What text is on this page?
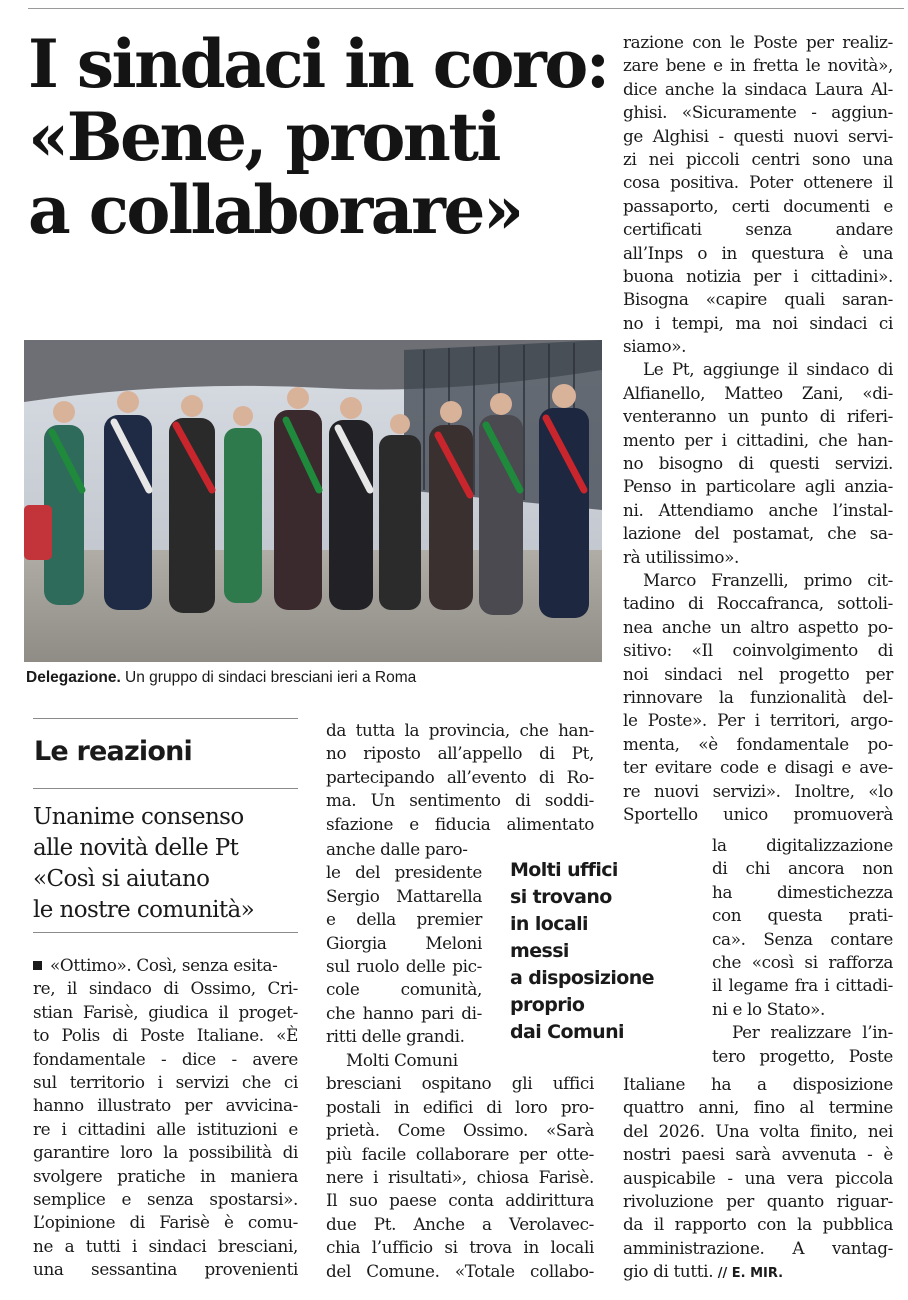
I sindaci in coro:
«Bene, pronti
a collaborare»
Delegazione. Un gruppo di sindaci bresciani ieri a Roma
Le reazioni
Unanime consenso
alle novità delle Pt
«Così si aiutano
le nostre comunità»
«Ottimo». Così, senza esita-
re, il sindaco di Ossimo, Cri-
stian Farisè, giudica il proget-
to Polis di Poste Italiane. «È
fondamentale - dice - avere
sul territorio i servizi che ci
hanno illustrato per avvicina-
re i cittadini alle istituzioni e
garantire loro la possibilità di
svolgere pratiche in maniera
semplice e senza spostarsi».
L’opinione di Farisè è comu-
ne a tutti i sindaci bresciani,
una sessantina provenienti
da tutta la provincia, che han-
no riposto all’appello di Pt,
partecipando all’evento di Ro-
ma. Un sentimento di soddi-
sfazione e fiducia alimentato
anche dalle paro-
le del presidente
Sergio Mattarella
e della premier
Giorgia Meloni
sul ruolo delle pic-
cole comunità,
che hanno pari di-
ritti delle grandi.
Molti Comuni
bresciani ospitano gli uffici
postali in edifici di loro pro-
prietà. Come Ossimo. «Sarà
più facile collaborare per otte-
nere i risultati», chiosa Farisè.
Il suo paese conta addirittura
due Pt. Anche a Verolavec-
chia l’ufficio si trova in locali
del Comune. «Totale collabo-
Molti uffici
si trovano
in locali
messi
a disposizione
proprio
dai Comuni
razione con le Poste per realiz-
zare bene e in fretta le novità»,
dice anche la sindaca Laura Al-
ghisi. «Sicuramente - aggiun-
ge Alghisi - questi nuovi servi-
zi nei piccoli centri sono una
cosa positiva. Poter ottenere il
passaporto, certi documenti e
certificati senza andare
all’Inps o in questura è una
buona notizia per i cittadini».
Bisogna «capire quali saran-
no i tempi, ma noi sindaci ci
siamo».
Le Pt, aggiunge il sindaco di
Alfianello, Matteo Zani, «di-
venteranno un punto di riferi-
mento per i cittadini, che han-
no bisogno di questi servizi.
Penso in particolare agli anzia-
ni. Attendiamo anche l’instal-
lazione del postamat, che sa-
rà utilissimo».
Marco Franzelli, primo cit-
tadino di Roccafranca, sottoli-
nea anche un altro aspetto po-
sitivo: «Il coinvolgimento di
noi sindaci nel progetto per
rinnovare la funzionalità del-
le Poste». Per i territori, argo-
menta, «è fondamentale po-
ter evitare code e disagi e ave-
re nuovi servizi». Inoltre, «lo
Sportello unico promuoverà
la digitalizzazione
di chi ancora non
ha dimestichezza
con questa prati-
ca». Senza contare
che «così si rafforza
il legame fra i cittadi-
ni e lo Stato».
Per realizzare l’in-
tero progetto, Poste
Italiane ha a disposizione
quattro anni, fino al termine
del 2026. Una volta finito, nei
nostri paesi sarà avvenuta - è
auspicabile - una vera piccola
rivoluzione per quanto riguar-
da il rapporto con la pubblica
amministrazione. A vantag-
gio di tutti. // E. MIR.
